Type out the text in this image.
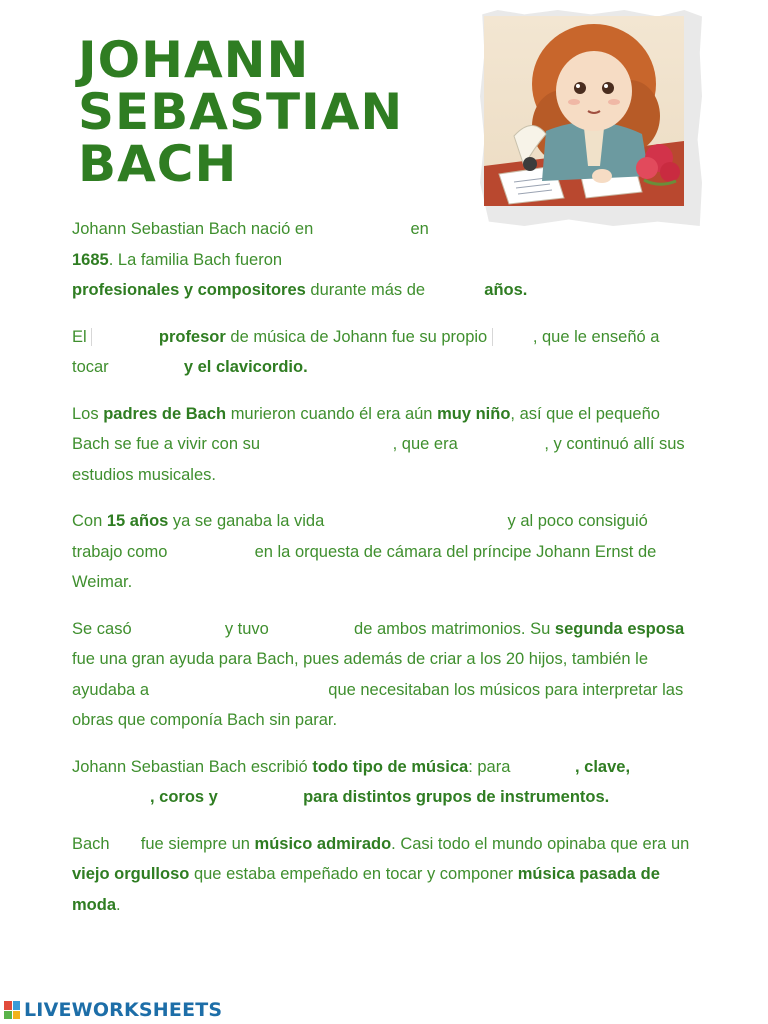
JOHANN
SEBASTIAN
BACH

Johann Sebastian Bach nació en	en
1685. La familia Bach fueron
profesionales y compositores durante más de	años.

El	profesor de música de Johann fue su propio	, que le enseñó a tocar	y el clavicordio.

Los padres de Bach murieron cuando él era aún muy niño, así que el pequeño Bach se fue a vivir con su	, que era	, y continuó allí sus estudios musicales.

Con 15 años ya se ganaba la vida	y al poco consiguió trabajo como	en la orquesta de cámara del príncipe Johann Ernst de Weimar.

Se casó	y tuvo	de ambos matrimonios. Su segunda esposa fue una gran ayuda para Bach, pues además de criar a los 20 hijos, también le ayudaba a	que necesitaban los músicos para interpretar las obras que componía Bach sin parar.

Johann Sebastian Bach escribió todo tipo de música: para	, clave, , coros y	para distintos grupos de instrumentos.

Bach fue siempre un músico admirado. Casi todo el mundo opinaba que era un viejo orgulloso que estaba empeñado en tocar y componer música pasada de moda.

LIVEWORKSHEETS
